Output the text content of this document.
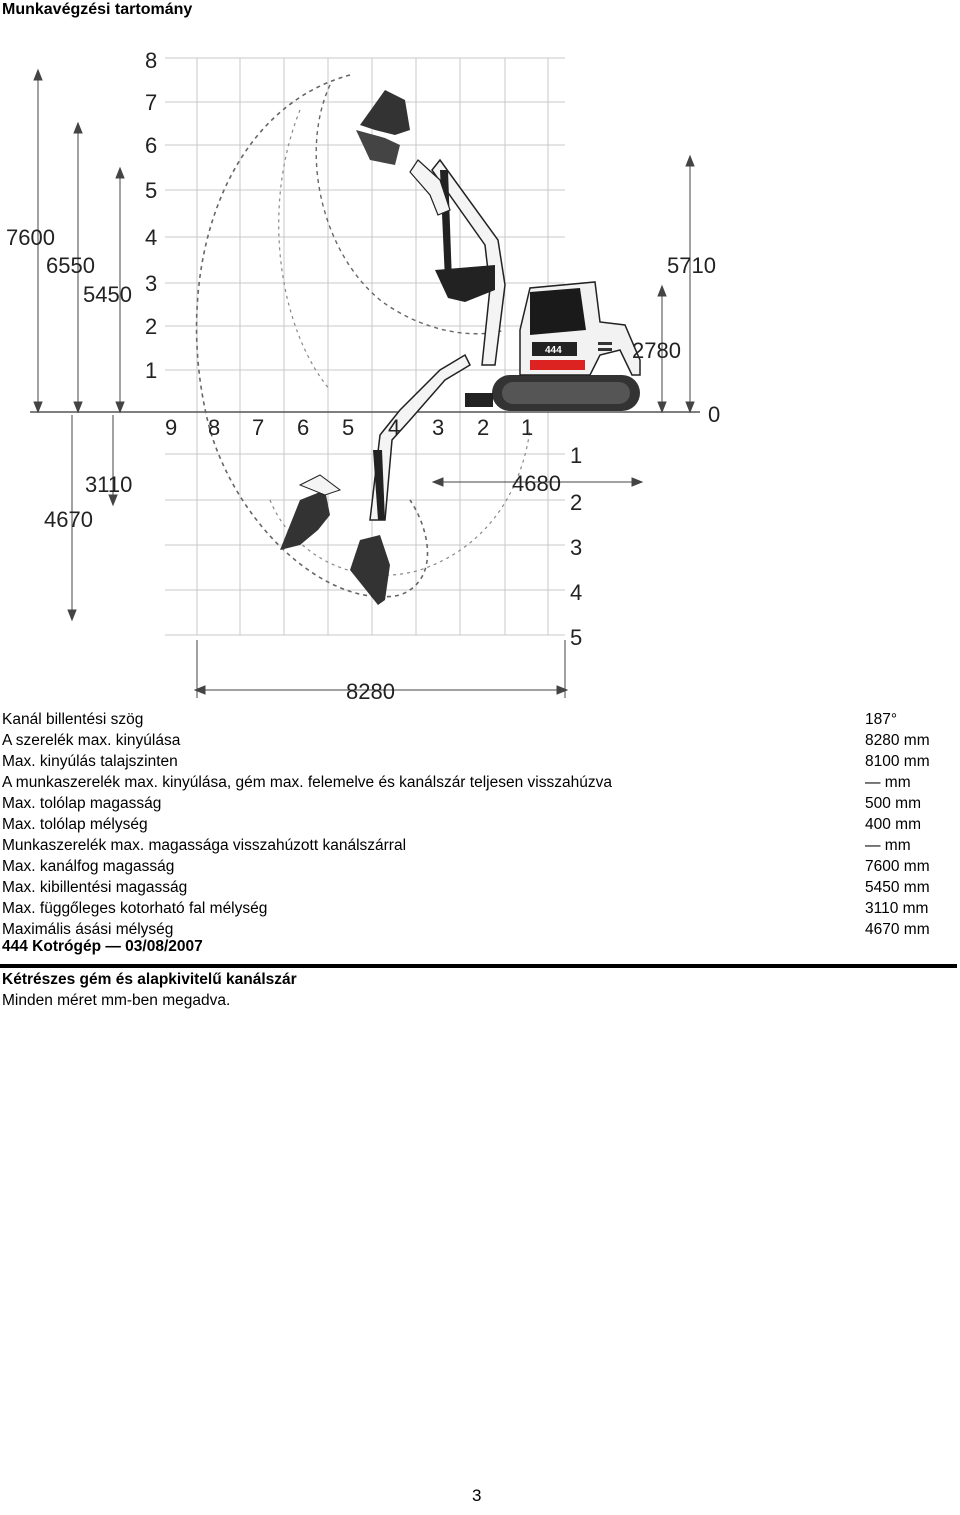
Munkavégzési tartomány
444
8
7
6
5
4
3
2
1
9 8 7 6 5 4 3 2 1
0
1
2
3
4
5
7600
6550
5450
3110
4670
8280
4680
5710
2780
Kanál billentési szög	187°
A szerelék max. kinyúlása	8280 mm
Max. kinyúlás talajszinten	8100 mm
A munkaszerelék max. kinyúlása, gém max. felemelve és kanálszár teljesen visszahúzva	— mm
Max. tolólap magasság	500 mm
Max. tolólap mélység	400 mm
Munkaszerelék max. magassága visszahúzott kanálszárral	— mm
Max. kanálfog magasság	7600 mm
Max. kibillentési magasság	5450 mm
Max. függőleges kotorható fal mélység	3110 mm
Maximális ásási mélység	4670 mm
444 Kotrógép — 03/08/2007
Kétrészes gém és alapkivitelű kanálszár
Minden méret mm-ben megadva.
3
